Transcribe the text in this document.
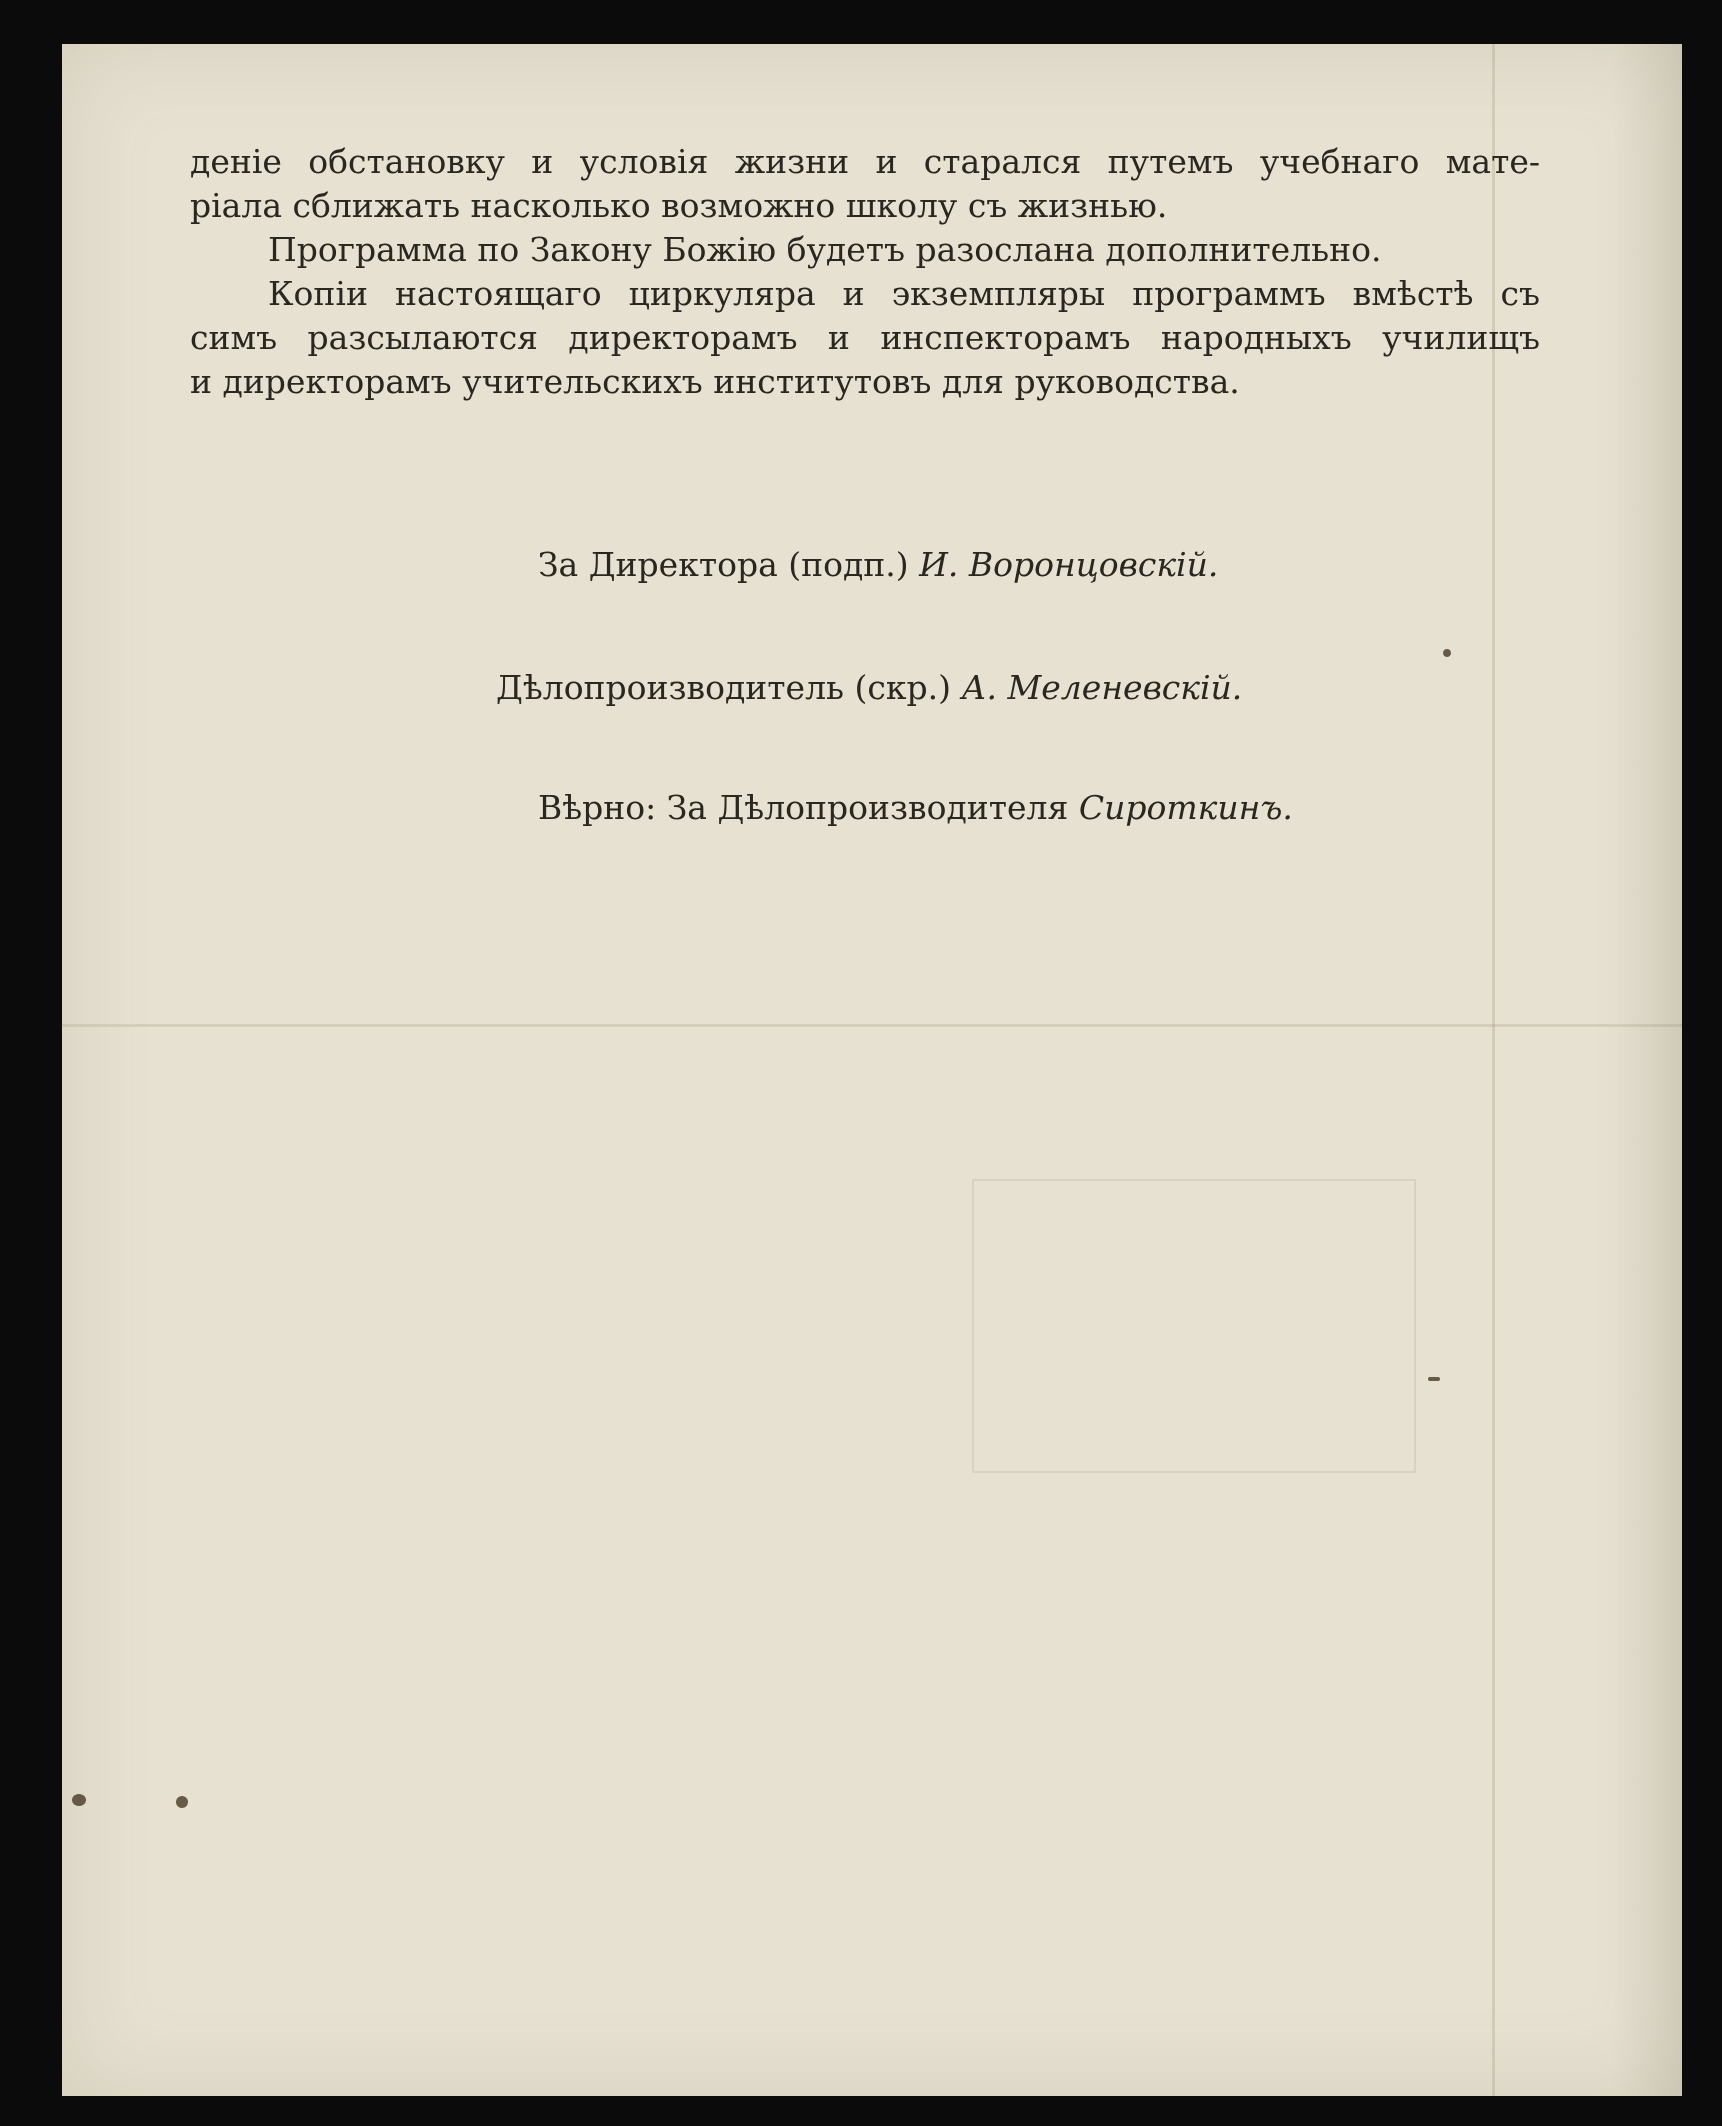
деніе обстановку и условія жизни и старался путемъ учебнаго мате-

ріала сближать насколько возможно школу съ жизнью.

Программа по Закону Божію будетъ разослана дополнительно.

Копіи настоящаго циркуляра и экземпляры программъ вмѣстѣ съ

симъ разсылаются директорамъ и инспекторамъ народныхъ училищъ

и директорамъ учительскихъ институтовъ для руководства.

За Директора (подп.) И. Воронцовскій.
Дѣлопроизводитель (скр.) А. Меленевскій.
Вѣрно: За Дѣлопроизводителя Сироткинъ.
